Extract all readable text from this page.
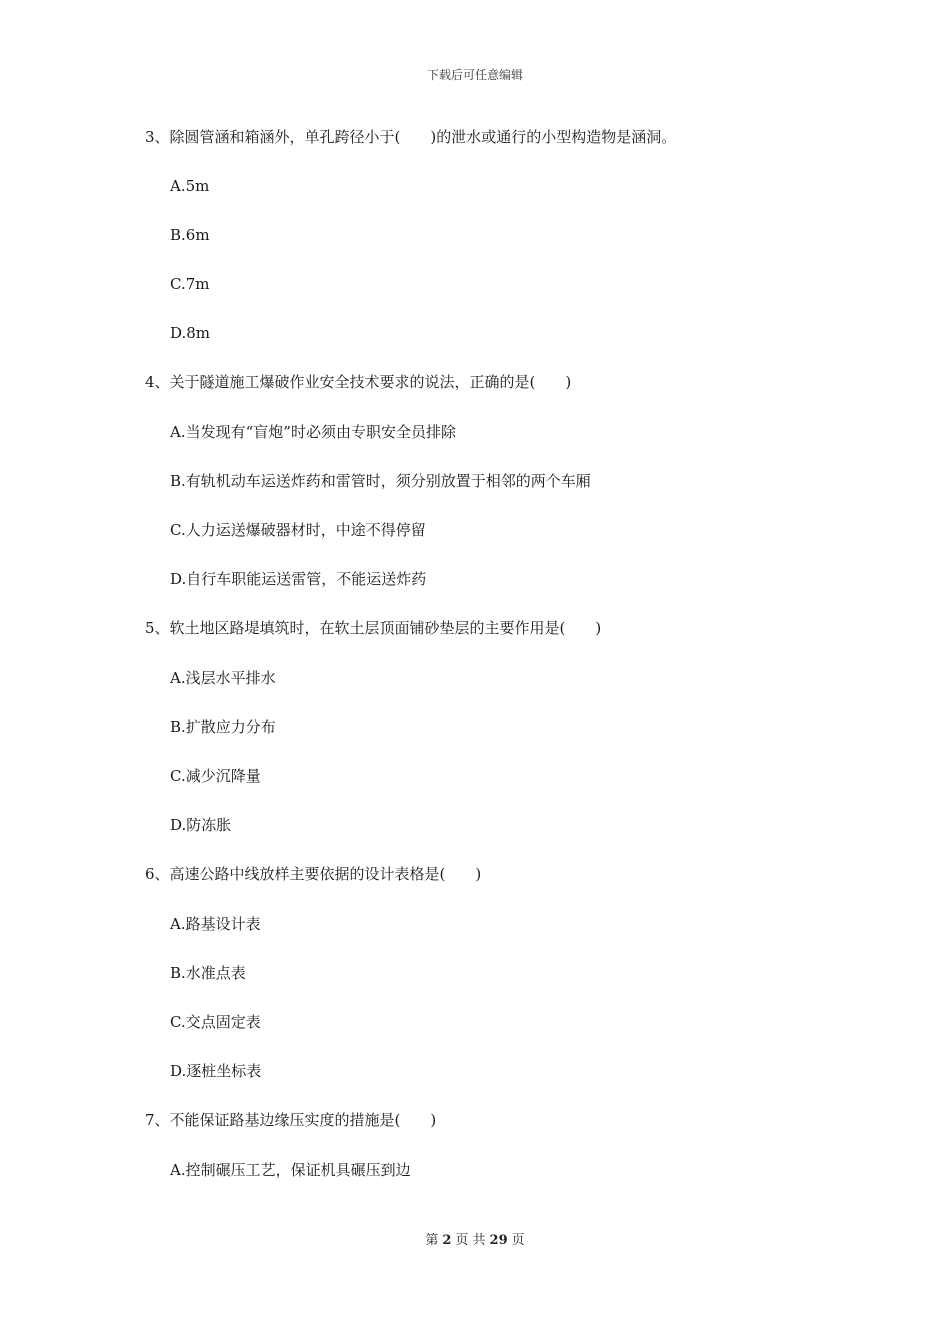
下载后可任意编辑
3、除圆管涵和箱涵外，单孔跨径小于(　　)的泄水或通行的小型构造物是涵洞。
A.5m
B.6m
C.7m
D.8m
4、关于隧道施工爆破作业安全技术要求的说法，正确的是(　　)
A.当发现有“盲炮”时必须由专职安全员排除
B.有轨机动车运送炸药和雷管时，须分别放置于相邻的两个车厢
C.人力运送爆破器材时，中途不得停留
D.自行车职能运送雷管，不能运送炸药
5、软土地区路堤填筑时，在软土层顶面铺砂垫层的主要作用是(　　)
A.浅层水平排水
B.扩散应力分布
C.减少沉降量
D.防冻胀
6、高速公路中线放样主要依据的设计表格是(　　)
A.路基设计表
B.水准点表
C.交点固定表
D.逐桩坐标表
7、不能保证路基边缘压实度的措施是(　　)
A.控制碾压工艺，保证机具碾压到边
第 2 页 共 29 页
